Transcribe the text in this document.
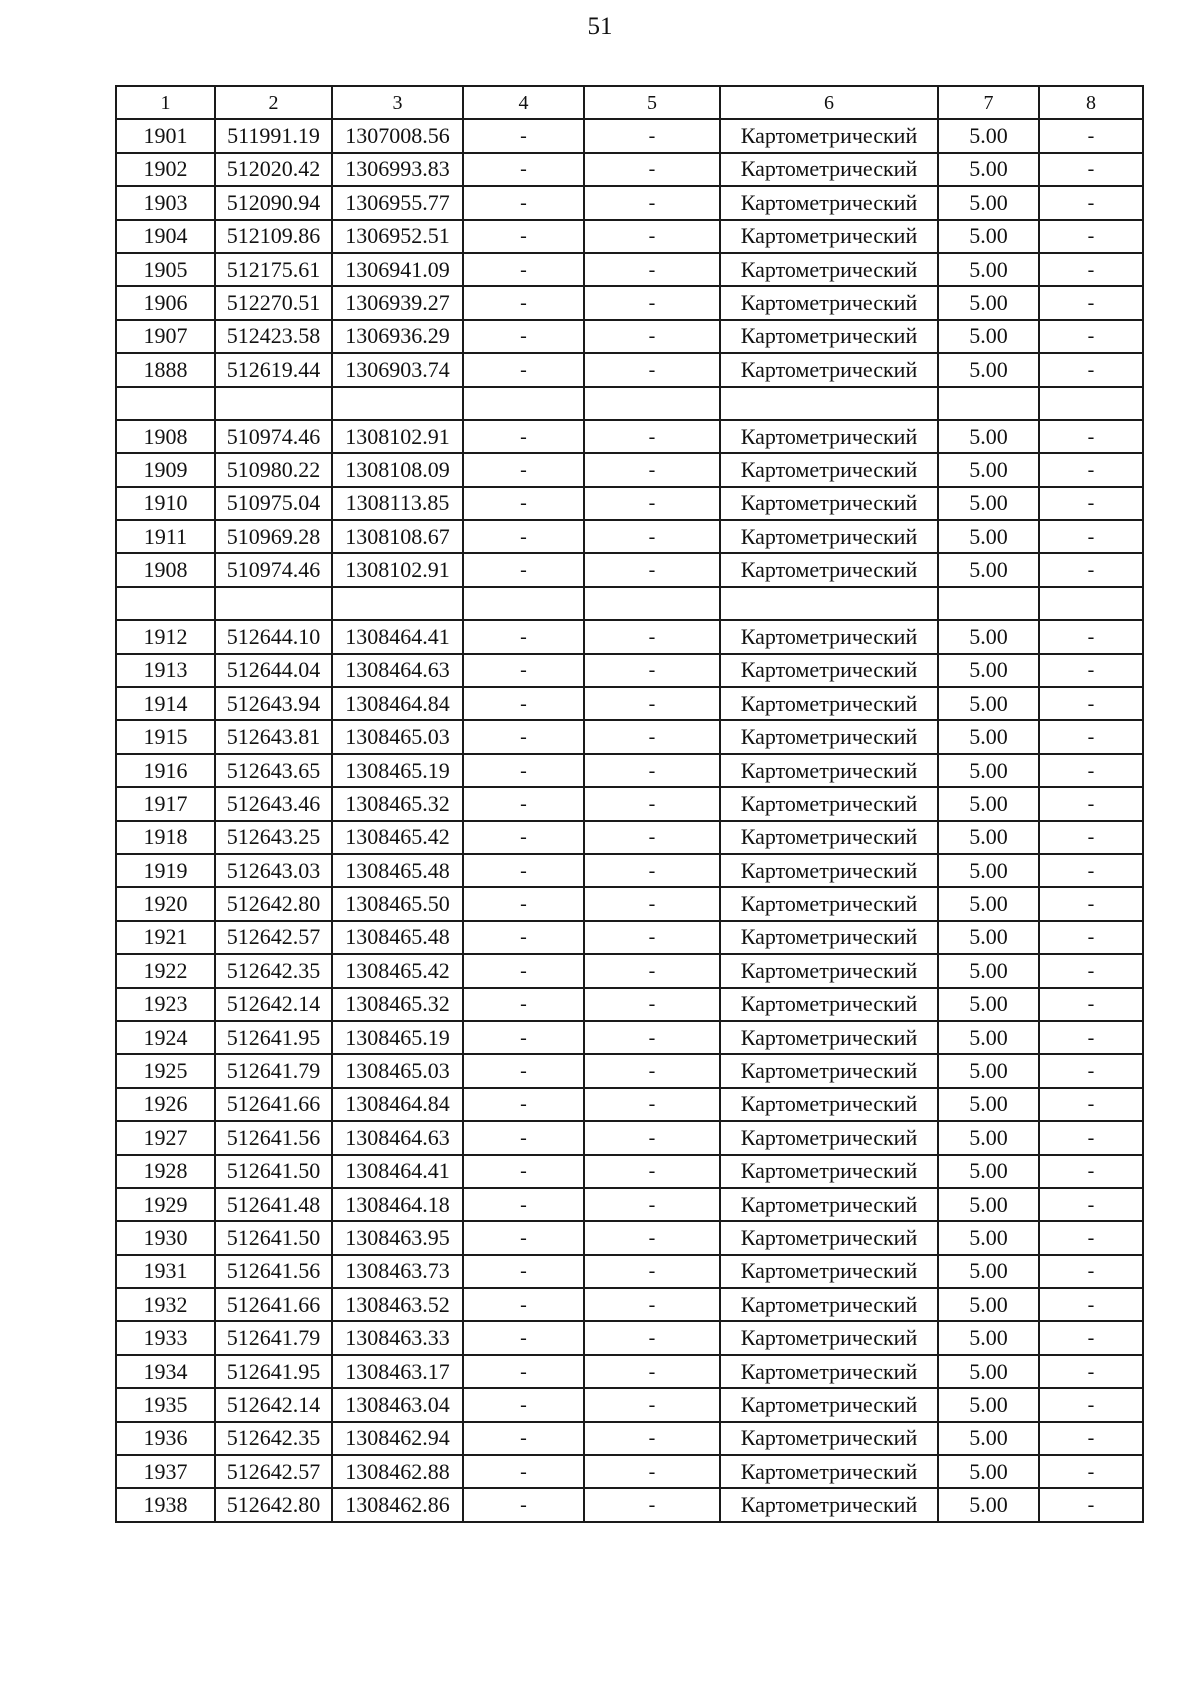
51
1	2	3	4	5	6	7	8
1901	511991.19	1307008.56	-	-	Картометрический	5.00	-
1902	512020.42	1306993.83	-	-	Картометрический	5.00	-
1903	512090.94	1306955.77	-	-	Картометрический	5.00	-
1904	512109.86	1306952.51	-	-	Картометрический	5.00	-
1905	512175.61	1306941.09	-	-	Картометрический	5.00	-
1906	512270.51	1306939.27	-	-	Картометрический	5.00	-
1907	512423.58	1306936.29	-	-	Картометрический	5.00	-
1888	512619.44	1306903.74	-	-	Картометрический	5.00	-

1908	510974.46	1308102.91	-	-	Картометрический	5.00	-
1909	510980.22	1308108.09	-	-	Картометрический	5.00	-
1910	510975.04	1308113.85	-	-	Картометрический	5.00	-
1911	510969.28	1308108.67	-	-	Картометрический	5.00	-
1908	510974.46	1308102.91	-	-	Картометрический	5.00	-

1912	512644.10	1308464.41	-	-	Картометрический	5.00	-
1913	512644.04	1308464.63	-	-	Картометрический	5.00	-
1914	512643.94	1308464.84	-	-	Картометрический	5.00	-
1915	512643.81	1308465.03	-	-	Картометрический	5.00	-
1916	512643.65	1308465.19	-	-	Картометрический	5.00	-
1917	512643.46	1308465.32	-	-	Картометрический	5.00	-
1918	512643.25	1308465.42	-	-	Картометрический	5.00	-
1919	512643.03	1308465.48	-	-	Картометрический	5.00	-
1920	512642.80	1308465.50	-	-	Картометрический	5.00	-
1921	512642.57	1308465.48	-	-	Картометрический	5.00	-
1922	512642.35	1308465.42	-	-	Картометрический	5.00	-
1923	512642.14	1308465.32	-	-	Картометрический	5.00	-
1924	512641.95	1308465.19	-	-	Картометрический	5.00	-
1925	512641.79	1308465.03	-	-	Картометрический	5.00	-
1926	512641.66	1308464.84	-	-	Картометрический	5.00	-
1927	512641.56	1308464.63	-	-	Картометрический	5.00	-
1928	512641.50	1308464.41	-	-	Картометрический	5.00	-
1929	512641.48	1308464.18	-	-	Картометрический	5.00	-
1930	512641.50	1308463.95	-	-	Картометрический	5.00	-
1931	512641.56	1308463.73	-	-	Картометрический	5.00	-
1932	512641.66	1308463.52	-	-	Картометрический	5.00	-
1933	512641.79	1308463.33	-	-	Картометрический	5.00	-
1934	512641.95	1308463.17	-	-	Картометрический	5.00	-
1935	512642.14	1308463.04	-	-	Картометрический	5.00	-
1936	512642.35	1308462.94	-	-	Картометрический	5.00	-
1937	512642.57	1308462.88	-	-	Картометрический	5.00	-
1938	512642.80	1308462.86	-	-	Картометрический	5.00	-
